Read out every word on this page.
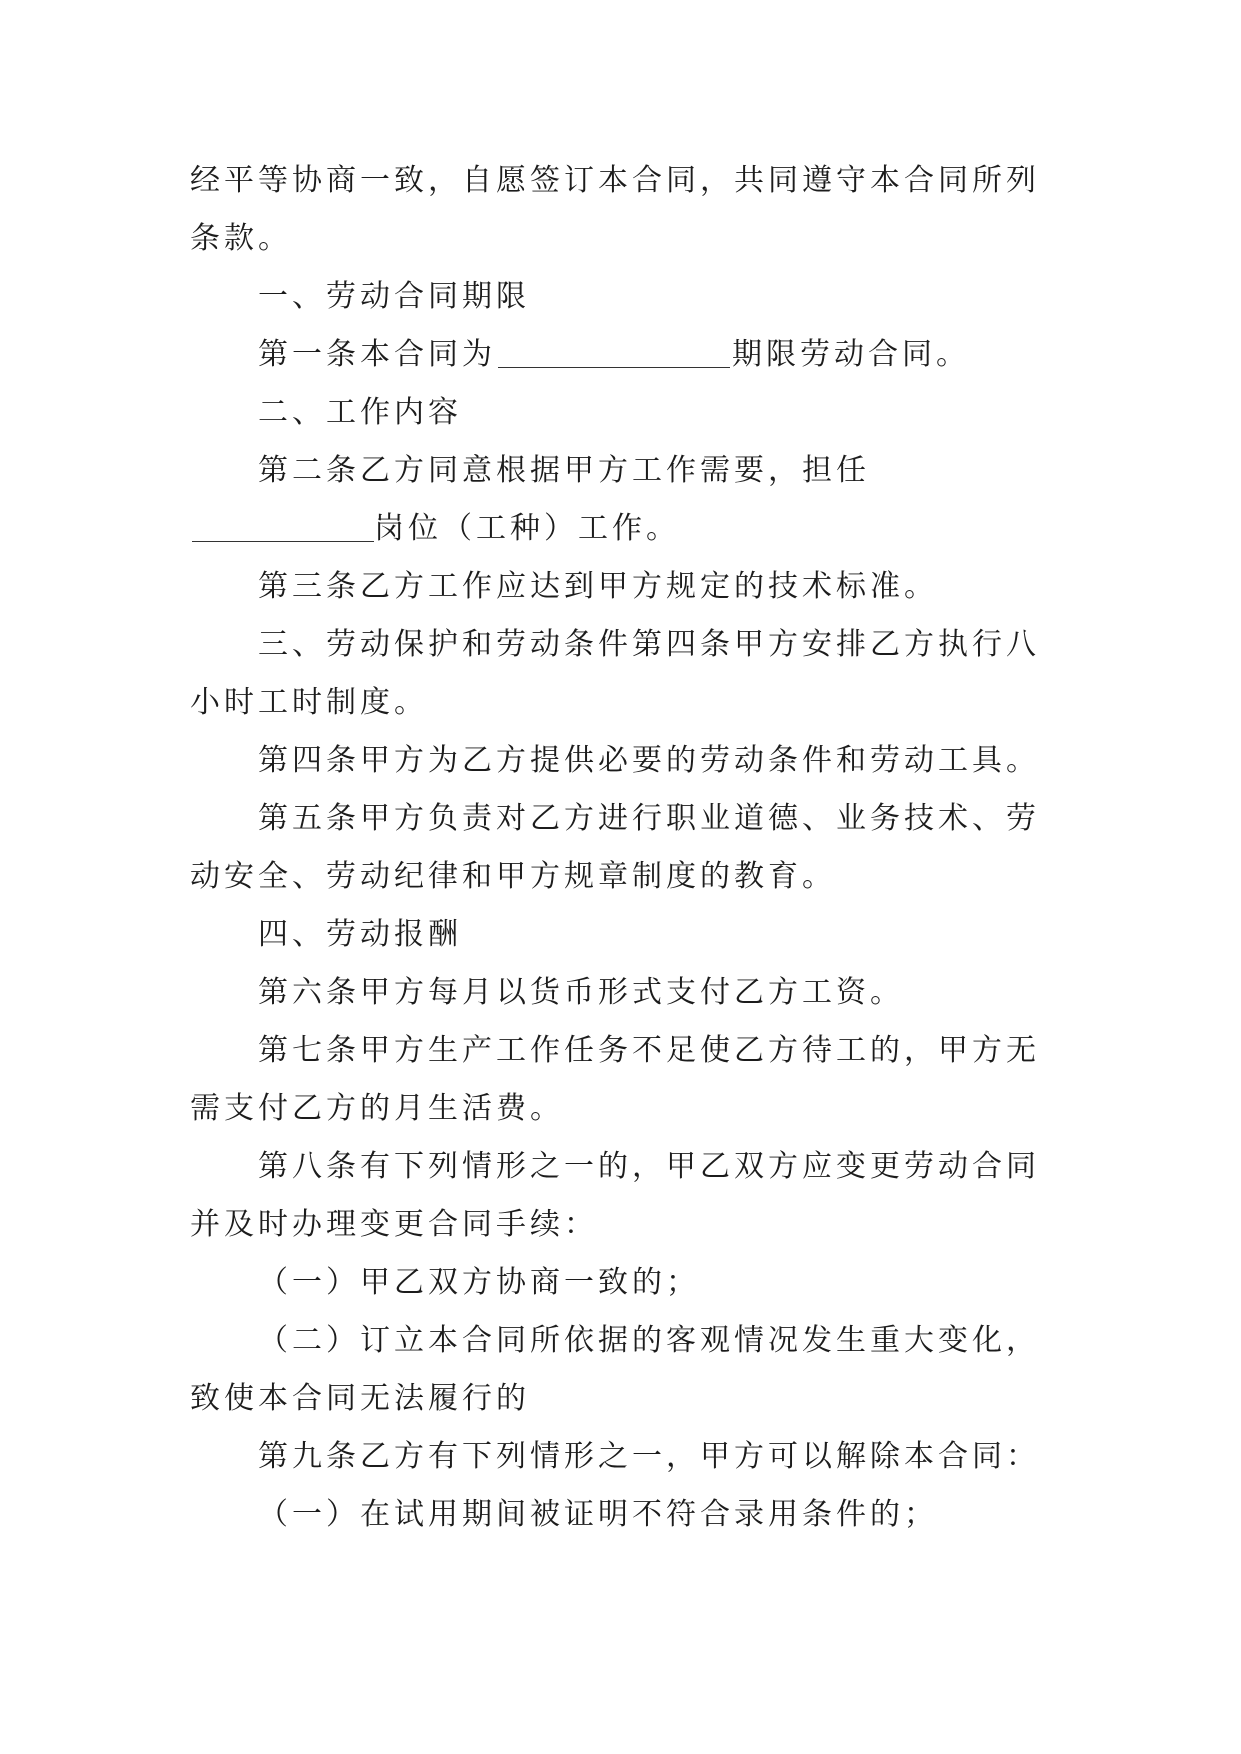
经平等协商一致，自愿签订本合同，共同遵守本合同所列条款。

一、劳动合同期限

第一条本合同为	期限劳动合同。

二、工作内容

第二条乙方同意根据甲方工作需要，担任岗位（工种）工作。

第三条乙方工作应达到甲方规定的技术标准。

三、劳动保护和劳动条件第四条甲方安排乙方执行八小时工时制度。

第四条甲方为乙方提供必要的劳动条件和劳动工具。

第五条甲方负责对乙方进行职业道德、业务技术、劳动安全、劳动纪律和甲方规章制度的教育。

四、劳动报酬

第六条甲方每月以货币形式支付乙方工资。

第七条甲方生产工作任务不足使乙方待工的，甲方无需支付乙方的月生活费。

第八条有下列情形之一的，甲乙双方应变更劳动合同并及时办理变更合同手续：

（一）甲乙双方协商一致的；

（二）订立本合同所依据的客观情况发生重大变化，致使本合同无法履行的

第九条乙方有下列情形之一，甲方可以解除本合同：

（一）在试用期间被证明不符合录用条件的；
